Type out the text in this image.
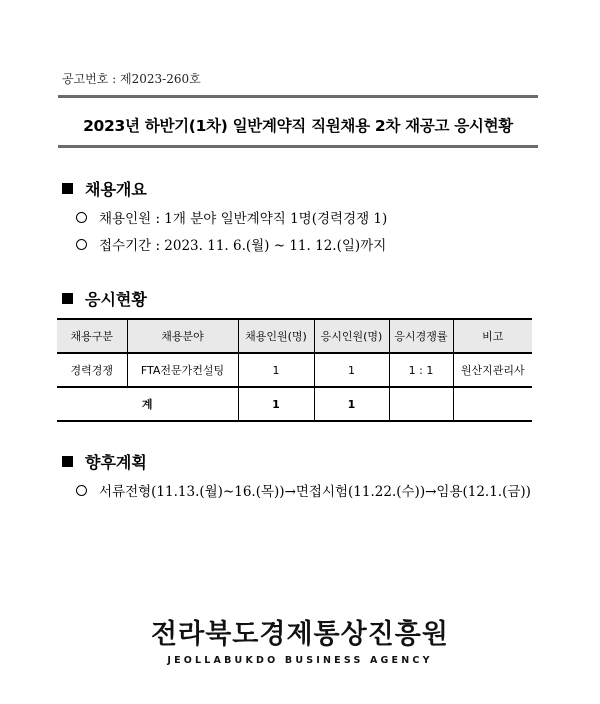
공고번호 : 제2023-260호
2023년 하반기(1차) 일반계약직 직원채용 2차 재공고 응시현황
채용개요
채용인원 : 1개 분야 일반계약직 1명(경력경쟁 1)
접수기간 : 2023. 11. 6.(월) ~ 11. 12.(일)까지
응시현황
채용구분	채용분야	채용인원(명)	응시인원(명)	응시경쟁률	비고
경력경쟁	FTA전문가컨설팅	1	1	1 : 1	원산지관리사
계		1	1		
향후계획
서류전형(11.13.(월)~16.(목))→면접시험(11.22.(수))→임용(12.1.(금))
전라북도경제통상진흥원
JEOLLABUKDO BUSINESS AGENCY
